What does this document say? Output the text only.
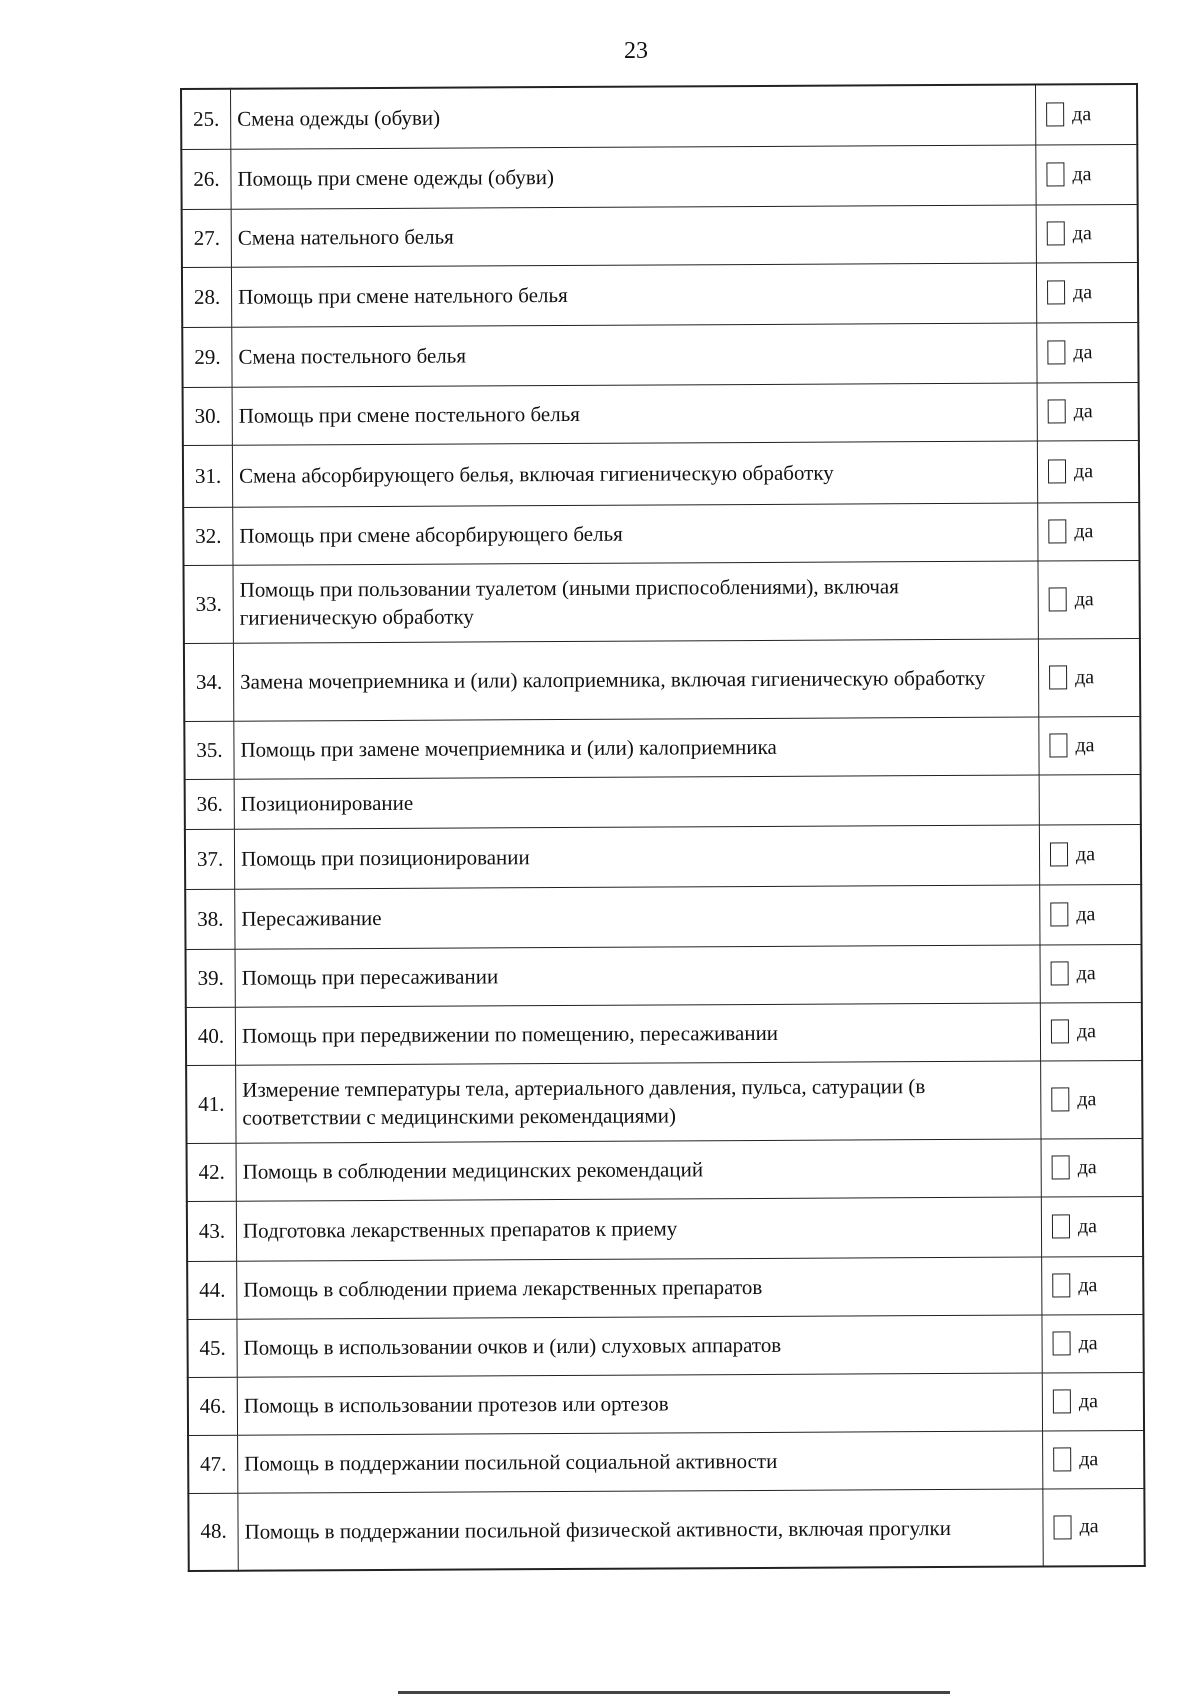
23
25.	Смена одежды (обуви)	да

26.	Помощь при смене одежды (обуви)	да

27.	Смена нательного белья	да

28.	Помощь при смене нательного белья	да

29.	Смена постельного белья	да

30.	Помощь при смене постельного белья	да

31.	Смена абсорбирующего белья, включая гигиеническую обработку	да

32.	Помощь при смене абсорбирующего белья	да

33.	Помощь при пользовании туалетом (иными приспособлениями), включая гигиеническую обработку	да

34.	Замена мочеприемника и (или) калоприемника, включая гигиеническую обработку	да

35.	Помощь при замене мочеприемника и (или) калоприемника	да

36.	Позиционирование	
37.	Помощь при позиционировании	да

38.	Пересаживание	да

39.	Помощь при пересаживании	да

40.	Помощь при передвижении по помещению, пересаживании	да

41.	Измерение температуры тела, артериального давления, пульса, сатурации (в соответствии с медицинскими рекомендациями)	да

42.	Помощь в соблюдении медицинских рекомендаций	да

43.	Подготовка лекарственных препаратов к приему	да

44.	Помощь в соблюдении приема лекарственных препаратов	да

45.	Помощь в использовании очков и (или) слуховых аппаратов	да

46.	Помощь в использовании протезов или ортезов	да

47.	Помощь в поддержании посильной социальной активности	да

48.	Помощь в поддержании посильной физической активности, включая прогулки	да
